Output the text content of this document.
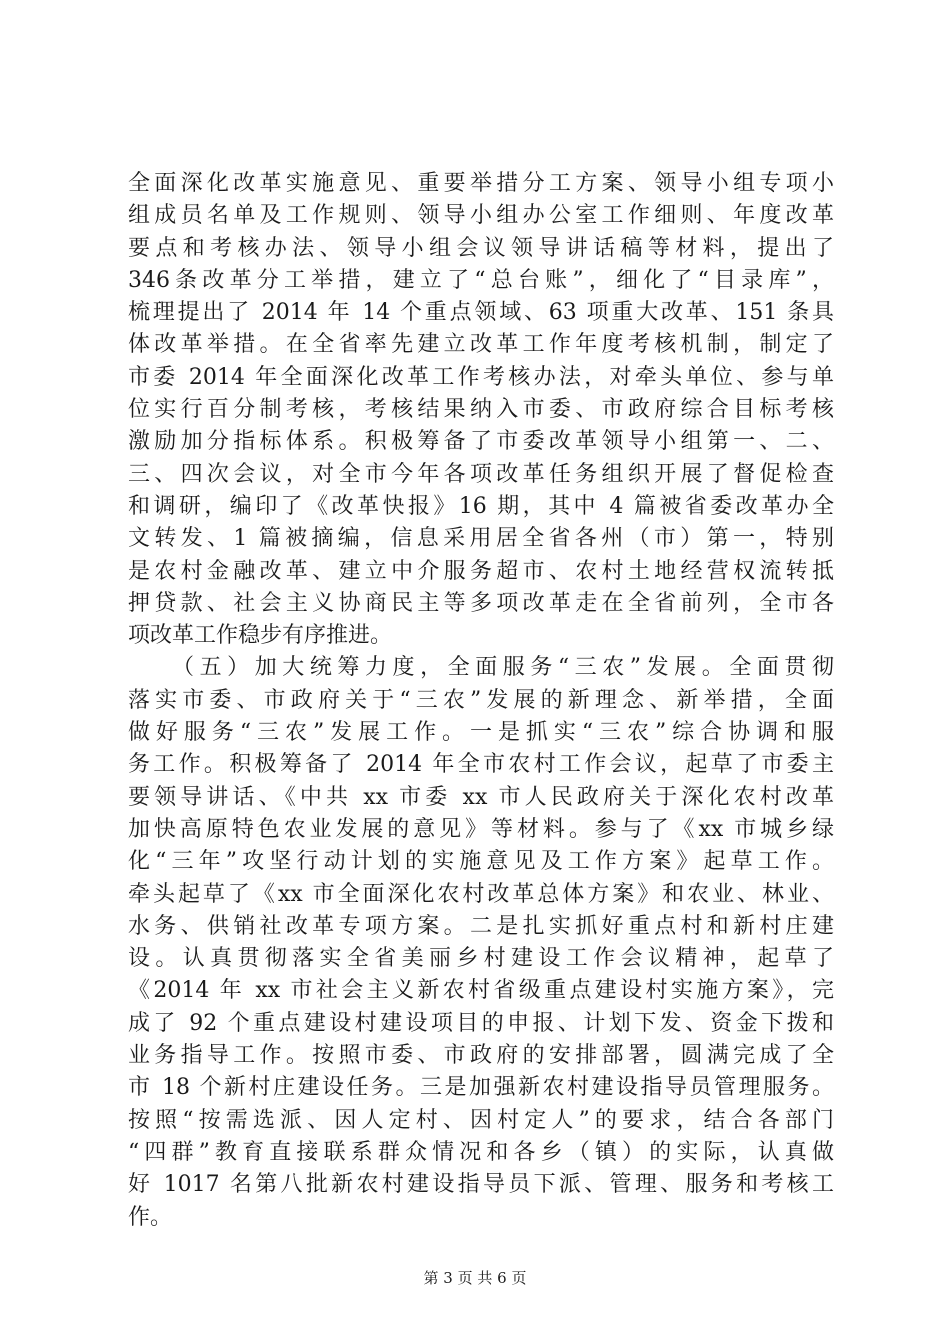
全面深化改革实施意见、重要举措分工方案、领导小组专项小
组成员名单及工作规则、领导小组办公室工作细则、年度改革
要点和考核办法、领导小组会议领导讲话稿等材料，提出了
346条改革分工举措，建立了“总台账”，细化了“目录库”，
梳理提出了 2014 年 14 个重点领域、63 项重大改革、151 条具
体改革举措。在全省率先建立改革工作年度考核机制，制定了
市委 2014 年全面深化改革工作考核办法，对牵头单位、参与单
位实行百分制考核，考核结果纳入市委、市政府综合目标考核
激励加分指标体系。积极筹备了市委改革领导小组第一、二、
三、四次会议，对全市今年各项改革任务组织开展了督促检查
和调研，编印了《改革快报》16 期，其中 4 篇被省委改革办全
文转发、1 篇被摘编，信息采用居全省各州（市）第一，特别
是农村金融改革、建立中介服务超市、农村土地经营权流转抵
押贷款、社会主义协商民主等多项改革走在全省前列，全市各
项改革工作稳步有序推进。
（五）加大统筹力度，全面服务“三农”发展。全面贯彻
落实市委、市政府关于“三农”发展的新理念、新举措，全面
做好服务“三农”发展工作。一是抓实“三农”综合协调和服
务工作。积极筹备了 2014 年全市农村工作会议，起草了市委主
要领导讲话、《中共 xx 市委 xx 市人民政府关于深化农村改革
加快高原特色农业发展的意见》等材料。参与了《xx 市城乡绿
化“三年”攻坚行动计划的实施意见及工作方案》起草工作。
牵头起草了《xx 市全面深化农村改革总体方案》和农业、林业、
水务、供销社改革专项方案。二是扎实抓好重点村和新村庄建
设。认真贯彻落实全省美丽乡村建设工作会议精神，起草了
《2014 年 xx 市社会主义新农村省级重点建设村实施方案》，完
成了 92 个重点建设村建设项目的申报、计划下发、资金下拨和
业务指导工作。按照市委、市政府的安排部署，圆满完成了全
市 18 个新村庄建设任务。三是加强新农村建设指导员管理服务。
按照“按需选派、因人定村、因村定人”的要求，结合各部门
“四群”教育直接联系群众情况和各乡（镇）的实际，认真做
好 1017 名第八批新农村建设指导员下派、管理、服务和考核工
作。
第 3 页 共 6 页
